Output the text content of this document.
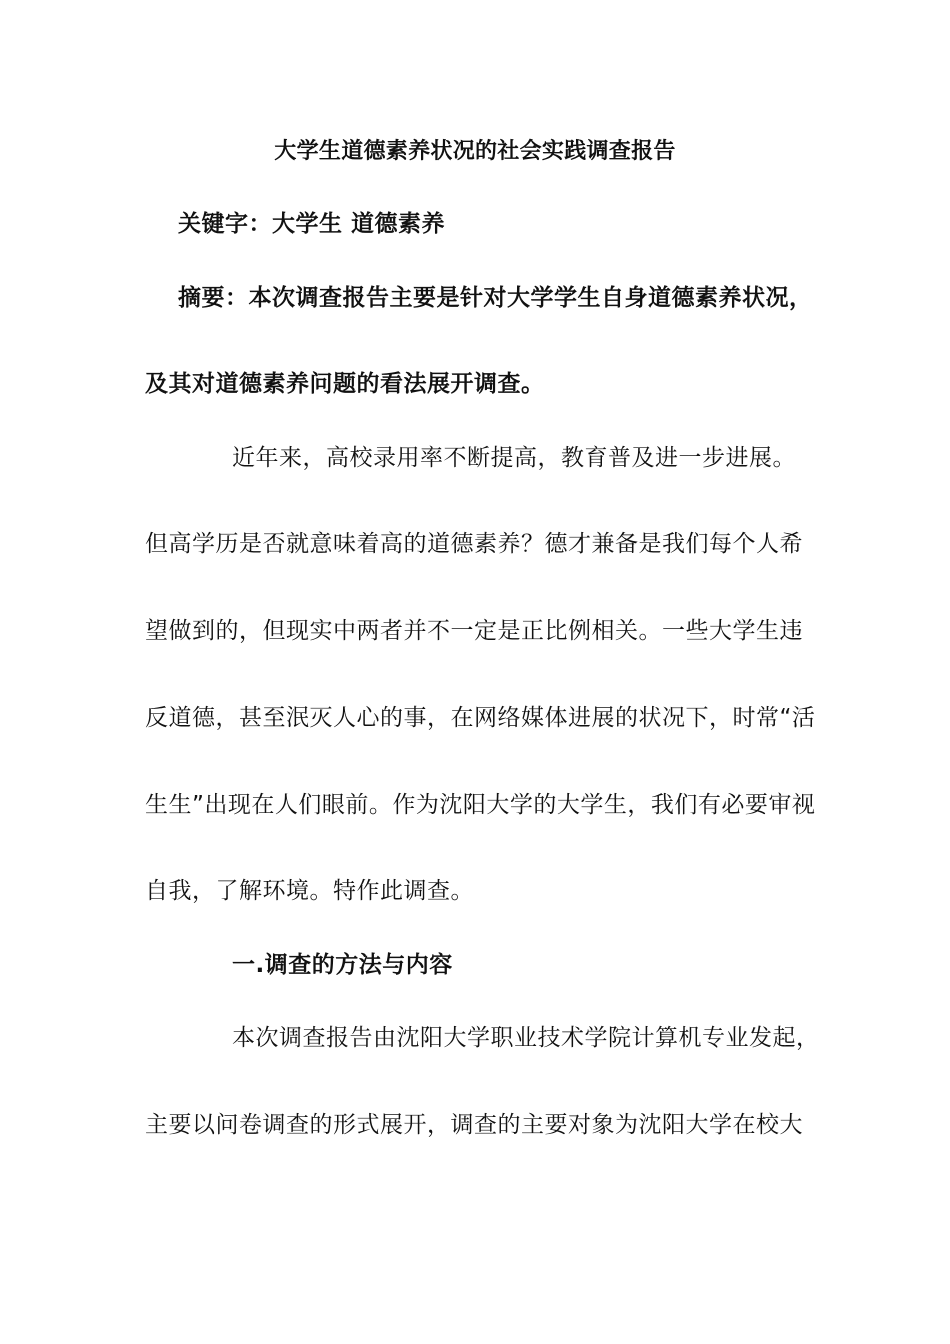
大学生道德素养状况的社会实践调查报告
关键字：大学生 道德素养
摘要：本次调查报告主要是针对大学学生自身道德素养状况，
及其对道德素养问题的看法展开调查。
近年来，高校录用率不断提高，教育普及进一步进展。
但高学历是否就意味着高的道德素养？德才兼备是我们每个人希
望做到的，但现实中两者并不一定是正比例相关。一些大学生违
反道德，甚至泯灭人心的事，在网络媒体进展的状况下，时常“活
生生”出现在人们眼前。作为沈阳大学的大学生，我们有必要审视
自我，了解环境。特作此调查。
一.调查的方法与内容
本次调查报告由沈阳大学职业技术学院计算机专业发起，
主要以问卷调查的形式展开，调查的主要对象为沈阳大学在校大
